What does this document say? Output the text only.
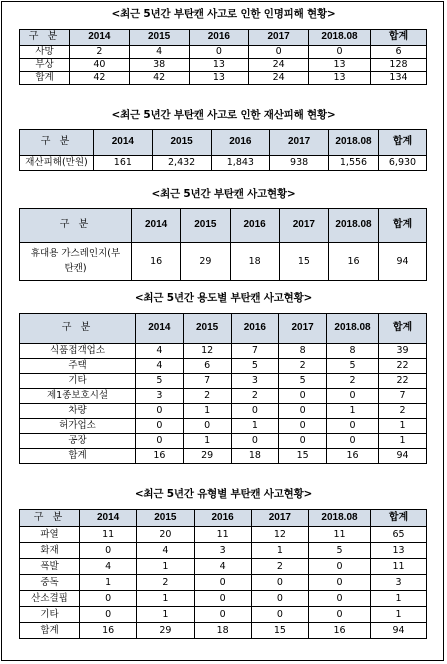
<최근 5년간 부탄캔 사고로 인한 인명피해 현황>
구 분	2014	2015	2016	2017	2018.08	합계
사망	2	4	0	0	0	6
부상	40	38	13	24	13	128
합계	42	42	13	24	13	134
<최근 5년간 부탄캔 사고로 인한 재산피해 현황>
구 분	2014	2015	2016	2017	2018.08	합계
재산피해(만원)	161	2,432	1,843	938	1,556	6,930
<최근 5년간 부탄캔 사고현황>
구 분	2014	2015	2016	2017	2018.08	합계
휴대용 가스레인지(부탄캔)	16	29	18	15	16	94
<최근 5년간 용도별 부탄캔 사고현황>
구 분	2014	2015	2016	2017	2018.08	합계
식품접객업소	4	12	7	8	8	39
주택	4	6	5	2	5	22
기타	5	7	3	5	2	22
제1종보호시설	3	2	2	0	0	7
차량	0	1	0	0	1	2
허가업소	0	0	1	0	0	1
공장	0	1	0	0	0	1
합계	16	29	18	15	16	94
<최근 5년간 유형별 부탄캔 사고현황>
구 분	2014	2015	2016	2017	2018.08	합계
파열	11	20	11	12	11	65
화재	0	4	3	1	5	13
폭발	4	1	4	2	0	11
중독	1	2	0	0	0	3
산소결핍	0	1	0	0	0	1
기타	0	1	0	0	0	1
합계	16	29	18	15	16	94
